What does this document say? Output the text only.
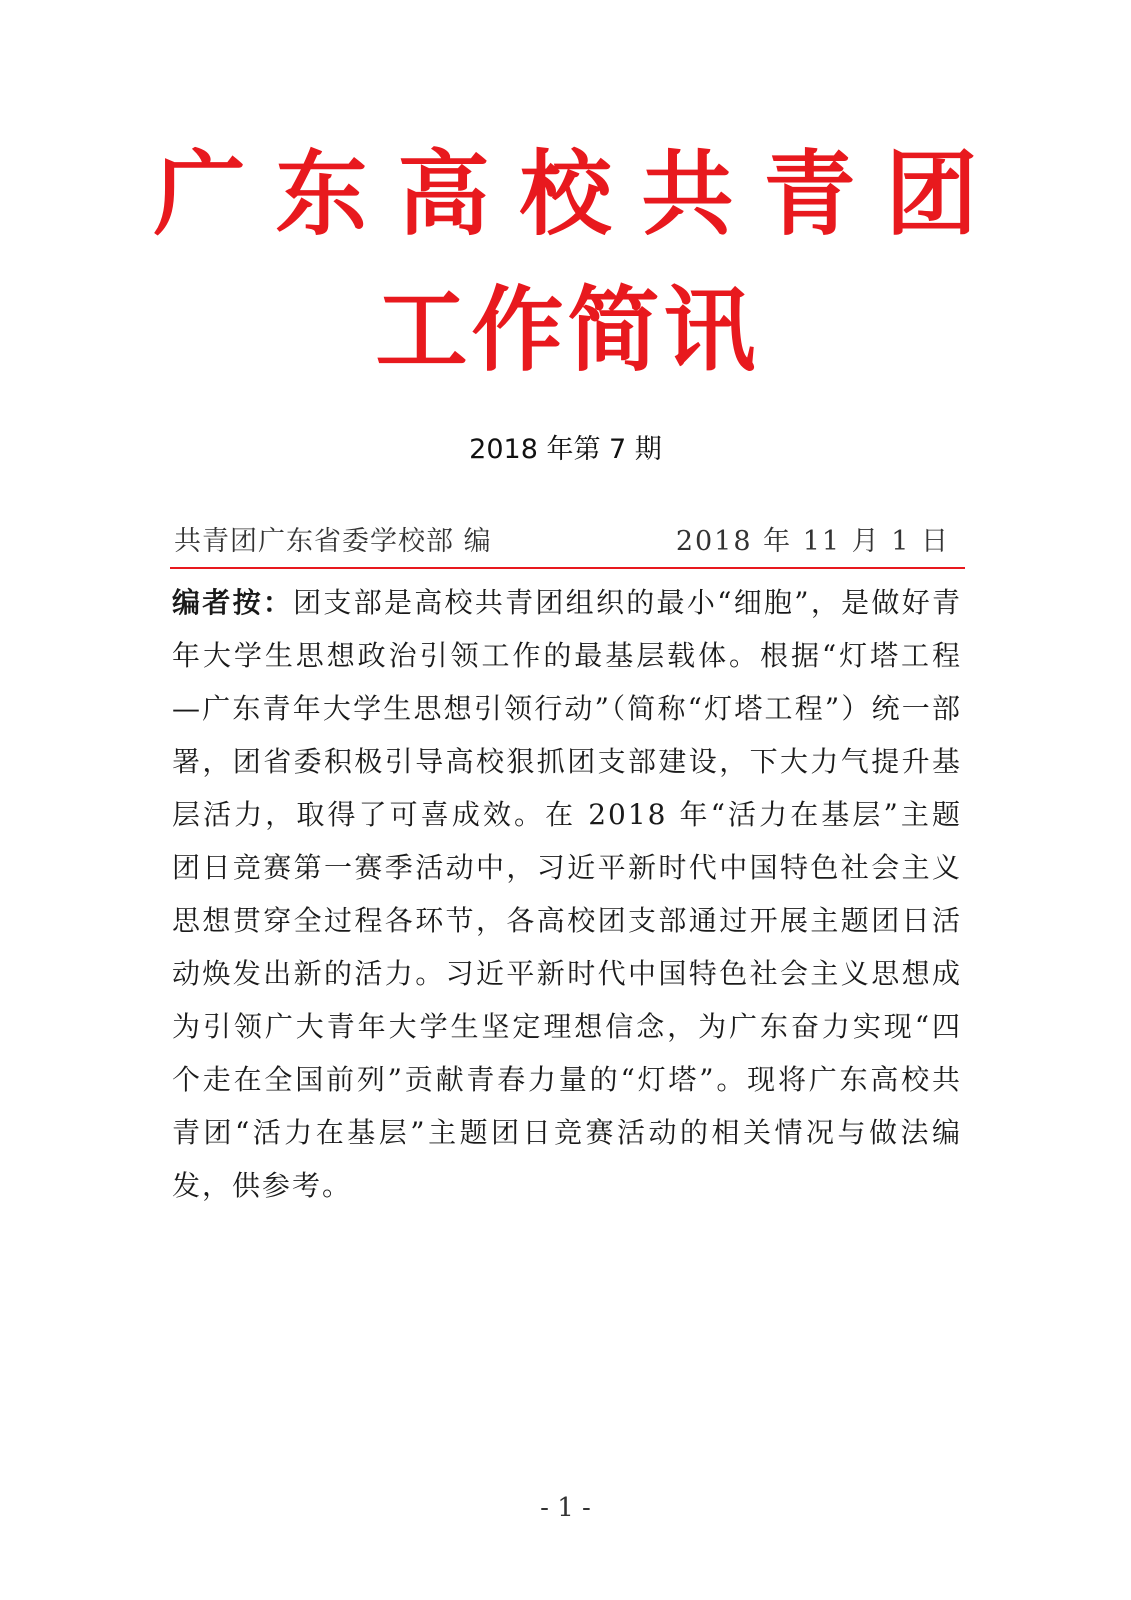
广东高校共青团
工作简讯
2018 年第 7 期
共青团广东省委学校部 编	2018 年 11 月 1 日
编者按：团支部是高校共青团组织的最小“细胞”，是做好青年大学生思想政治引领工作的最基层载体。根据“灯塔工程—广东青年大学生思想引领行动”（简称“灯塔工程”）统一部署，团省委积极引导高校狠抓团支部建设，下大力气提升基层活力，取得了可喜成效。在 2018 年“活力在基层”主题团日竞赛第一赛季活动中，习近平新时代中国特色社会主义思想贯穿全过程各环节，各高校团支部通过开展主题团日活动焕发出新的活力。习近平新时代中国特色社会主义思想成为引领广大青年大学生坚定理想信念，为广东奋力实现“四个走在全国前列”贡献青春力量的“灯塔”。现将广东高校共青团“活力在基层”主题团日竞赛活动的相关情况与做法编发，供参考。
- 1 -
